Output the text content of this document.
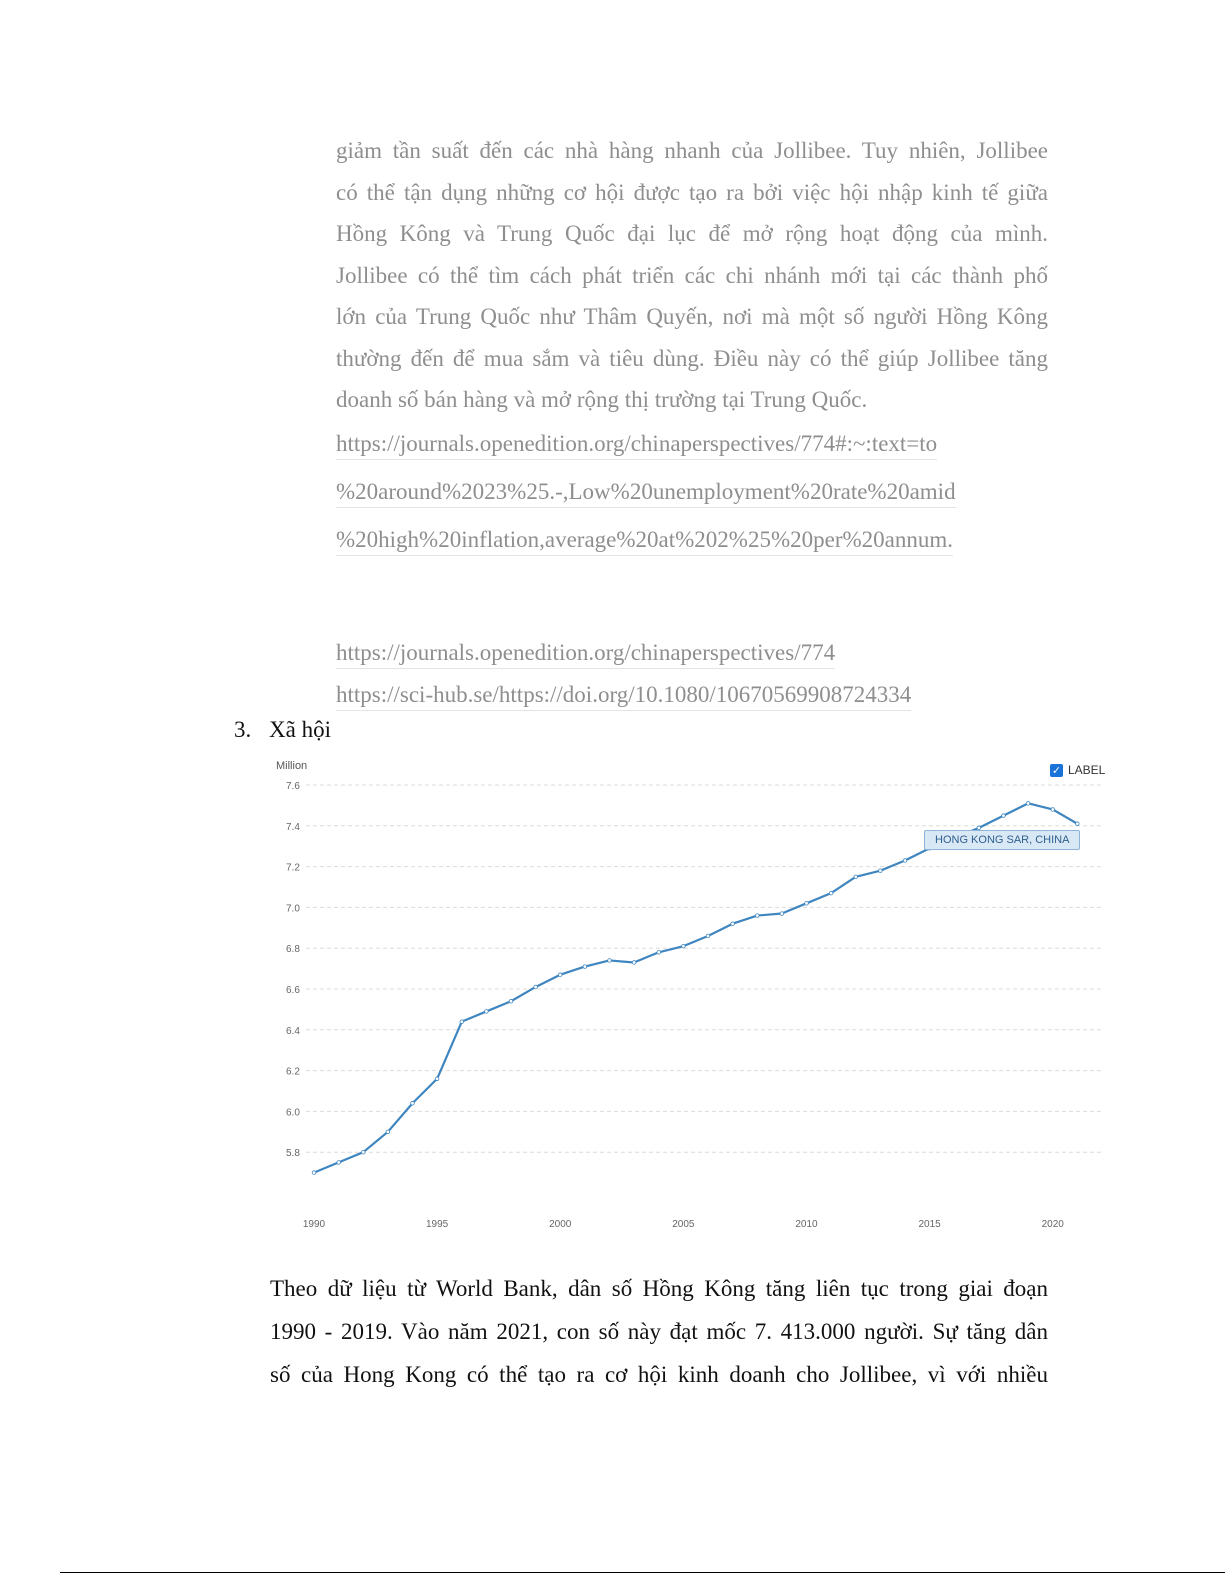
giảm tần suất đến các nhà hàng nhanh của Jollibee. Tuy nhiên, Jollibee

có thể tận dụng những cơ hội được tạo ra bởi việc hội nhập kinh tế giữa

Hồng Kông và Trung Quốc đại lục để mở rộng hoạt động của mình.

Jollibee có thể tìm cách phát triển các chi nhánh mới tại các thành phố

lớn của Trung Quốc như Thâm Quyến, nơi mà một số người Hồng Kông

thường đến để mua sắm và tiêu dùng. Điều này có thể giúp Jollibee tăng

doanh số bán hàng và mở rộng thị trường tại Trung Quốc.

https://journals.openedition.org/chinaperspectives/774#:~:text=to
%20around%2023%25.-,Low%20unemployment%20rate%20amid
%20high%20inflation,average%20at%202%25%20per%20annum.
https://journals.openedition.org/chinaperspectives/774
https://sci-hub.se/https://doi.org/10.1080/10670569908724334
3. Xã hội
Million
5.8
6.0
6.2
6.4
6.6
6.8
7.0
7.2
7.4
7.6
1990	1995	2000	2005	2010	2015	2020
✓ LABEL
HONG KONG SAR, CHINA
Theo dữ liệu từ World Bank, dân số Hồng Kông tăng liên tục trong giai đoạn
1990 - 2019. Vào năm 2021, con số này đạt mốc 7. 413.000 người. Sự tăng dân
số của Hong Kong có thể tạo ra cơ hội kinh doanh cho Jollibee, vì với nhiều
